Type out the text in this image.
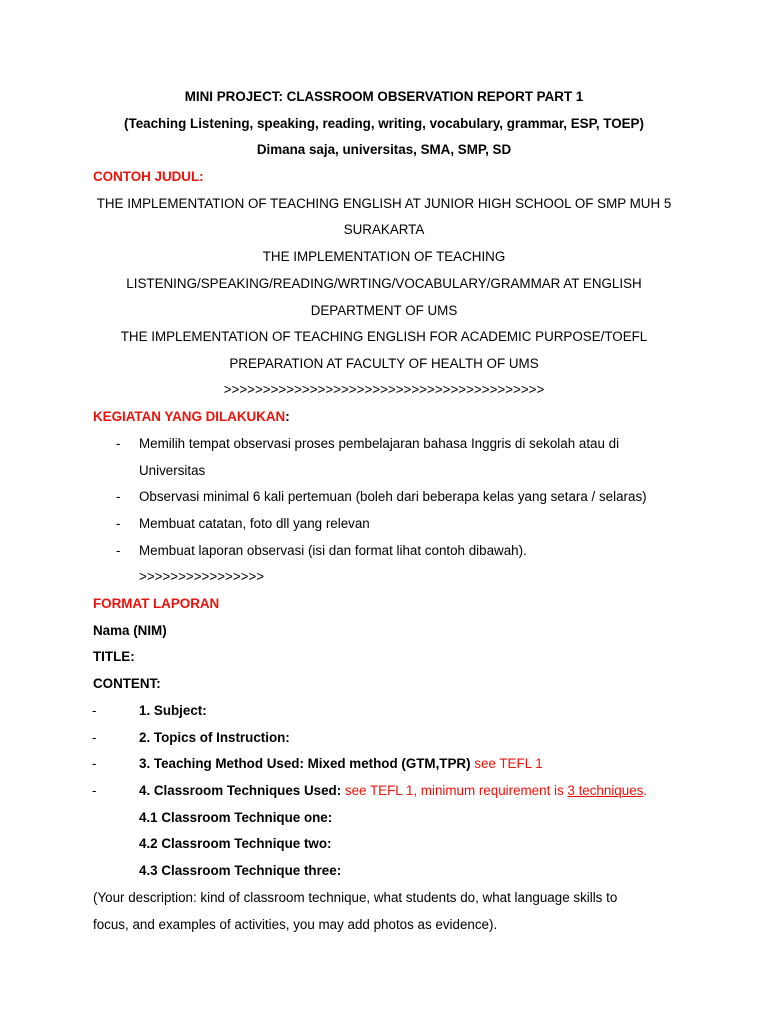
MINI PROJECT: CLASSROOM OBSERVATION REPORT PART 1
(Teaching Listening, speaking, reading, writing, vocabulary, grammar, ESP, TOEP)
Dimana saja, universitas, SMA, SMP, SD
CONTOH JUDUL:
THE IMPLEMENTATION OF TEACHING ENGLISH AT JUNIOR HIGH SCHOOL OF SMP MUH 5
SURAKARTA
THE IMPLEMENTATION OF TEACHING
LISTENING/SPEAKING/READING/WRTING/VOCABULARY/GRAMMAR AT ENGLISH
DEPARTMENT OF UMS
THE IMPLEMENTATION OF TEACHING ENGLISH FOR ACADEMIC PURPOSE/TOEFL
PREPARATION AT FACULTY OF HEALTH OF UMS
>>>>>>>>>>>>>>>>>>>>>>>>>>>>>>>>>>>>>>>>>
KEGIATAN YANG DILAKUKAN:
- Memilih tempat observasi proses pembelajaran bahasa Inggris di sekolah atau di
Universitas
- Observasi minimal 6 kali pertemuan (boleh dari beberapa kelas yang setara / selaras)
- Membuat catatan, foto dll yang relevan
- Membuat laporan observasi (isi dan format lihat contoh dibawah).
>>>>>>>>>>>>>>>>
FORMAT LAPORAN
Nama (NIM)
TITLE:
CONTENT:
-	1. Subject:
-	2. Topics of Instruction:
-	3. Teaching Method Used: Mixed method (GTM,TPR) see TEFL 1
-	4. Classroom Techniques Used: see TEFL 1, minimum requirement is 3 techniques.
4.1 Classroom Technique one:
4.2 Classroom Technique two:
4.3 Classroom Technique three:
(Your description: kind of classroom technique, what students do, what language skills to
focus, and examples of activities, you may add photos as evidence).
